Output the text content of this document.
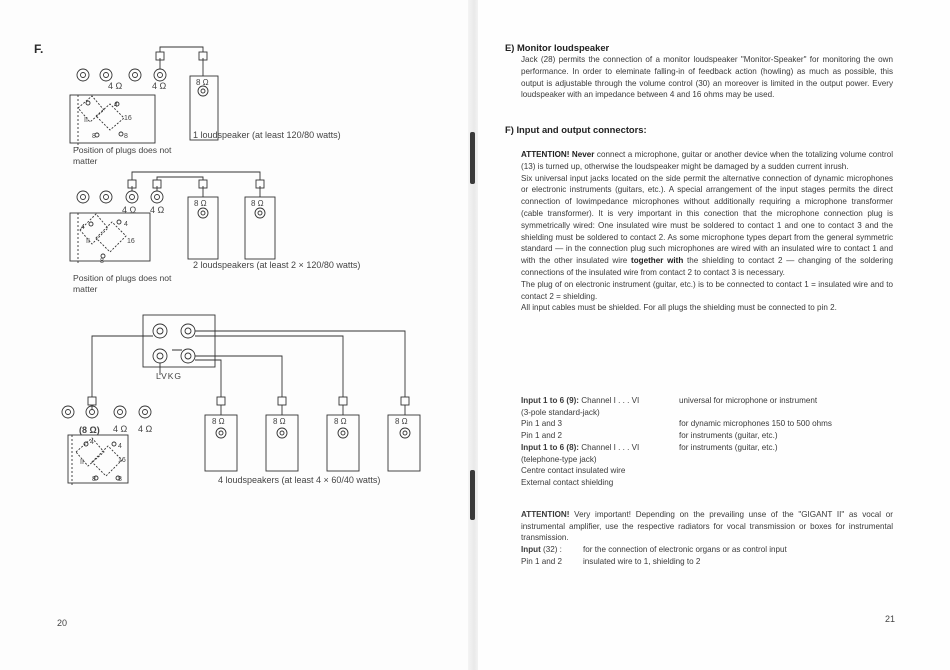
F.
4 Ω	4 Ω	8 Ω
4
II	16
8	8	1 loudspeaker (at least 120/80 watts)
Position of plugs does not matter
4 Ω 4 Ω
8 Ω	8 Ω
4	4
II	16
8	2 loudspeakers (at least 2 × 120/80 watts)
Position of plugs does not matter
LVKG
(8 Ω) 4 Ω 4 Ω
8 Ω	8 Ω	8 Ω	8 Ω
4
4
II	16
8	8	4 loudspeakers (at least 4 × 60/40 watts)
20
E) Monitor loudspeaker
Jack (28) permits the connection of a monitor loudspeaker "Monitor-Speaker" for monitoring the own performance. In order to eleminate falling-in of feedback action (howling) as much as possible, this output is adjustable through the volume control (30) an moreover is limited in the output power. Every loudspeaker with an impedance between 4 and 16 ohms may be used.
F) Input and output connectors:
ATTENTION! Never connect a microphone, guitar or another device when the totalizing volume control (13) is turned up, otherwise the loudspeaker might be damaged by a sudden current inrush.
Six universal input jacks located on the side permit the alternative connection of dynamic microphones or electronic instruments (guitars, etc.). A special arrangement of the input stages permits the direct connection of lowimpedance microphones without additionally requiring a microphone transformer (cable transformer). It is very important in this conection that the microphone connection plug is symmetrically wired: One insulated wire must be soldered to contact 1 and one to contact 3 and the shielding must be soldered to contact 2. As some microphone types depart from the general symmetric standard — in the connection plug such microphones are wired with an insulated wire to contact 1 and with the other insulated wire together with the shielding to contact 2 — changing of the soldering connections of the insulated wire from contact 2 to contact 3 is necessary.
The plug of on electronic instrument (guitar, etc.) is to be connected to contact 1 = insulated wire and to contact 2 = shielding.
All input cables must be shielded. For all plugs the shielding must be connected to pin 2.
Input 1 to 6 (9): Channel I . . . VI	universal for microphone or instrument
(3-pole standard-jack)
Pin 1 and 3	for dynamic microphones 150 to 500 ohms
Pin 1 and 2	for instruments (guitar, etc.)
Input 1 to 6 (8): Channel I . . . VI	for instruments (guitar, etc.)
(telephone-type jack)
Centre contact insulated wire
External contact shielding
ATTENTION! Very important! Depending on the prevailing unse of the "GIGANT II" as vocal or instrumental amplifier, use the respective radiators for vocal transmission or boxes for instrumental transmission.
Input (32) :	for the connection of electronic organs or as control input
Pin 1 and 2	insulated wire to 1, shielding to 2
21
